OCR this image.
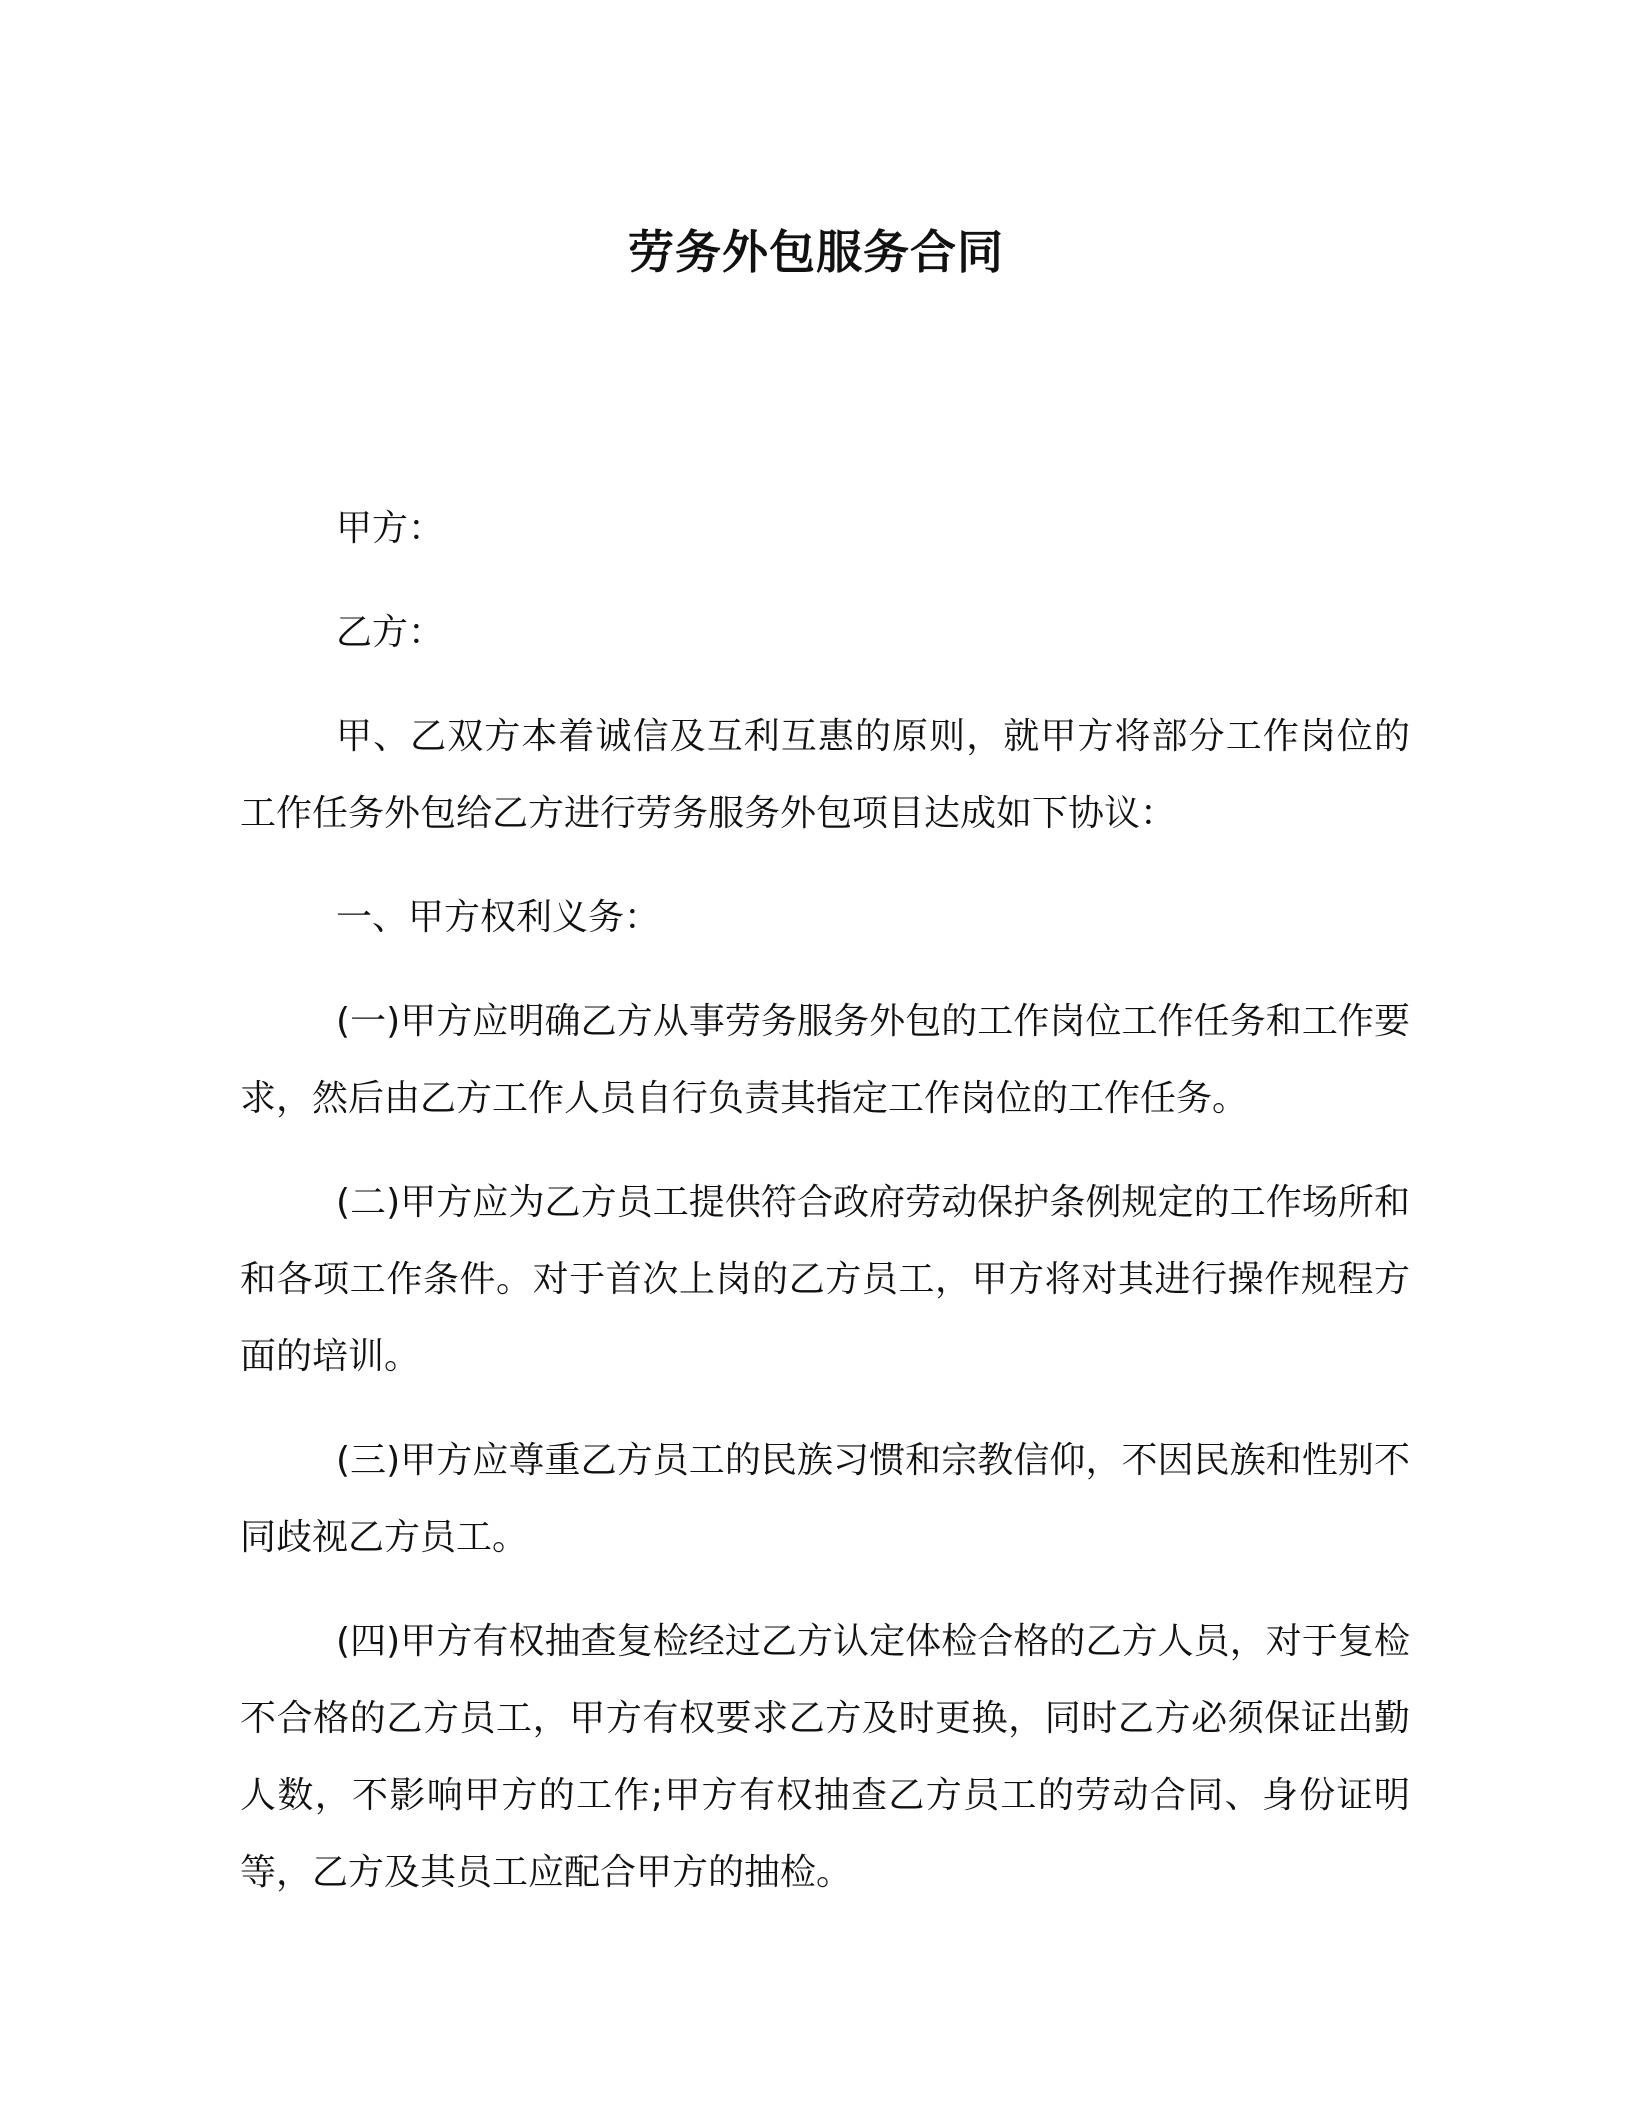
劳务外包服务合同

甲方：

乙方：

甲、乙双方本着诚信及互利互惠的原则，就甲方将部分工作岗位的工作任务外包给乙方进行劳务服务外包项目达成如下协议：

一、甲方权利义务：

(一)甲方应明确乙方从事劳务服务外包的工作岗位工作任务和工作要求，然后由乙方工作人员自行负责其指定工作岗位的工作任务。

(二)甲方应为乙方员工提供符合政府劳动保护条例规定的工作场所和和各项工作条件。对于首次上岗的乙方员工，甲方将对其进行操作规程方面的培训。

(三)甲方应尊重乙方员工的民族习惯和宗教信仰，不因民族和性别不同歧视乙方员工。

(四)甲方有权抽查复检经过乙方认定体检合格的乙方人员，对于复检不合格的乙方员工，甲方有权要求乙方及时更换，同时乙方必须保证出勤人数，不影响甲方的工作;甲方有权抽查乙方员工的劳动合同、身份证明等，乙方及其员工应配合甲方的抽检。
